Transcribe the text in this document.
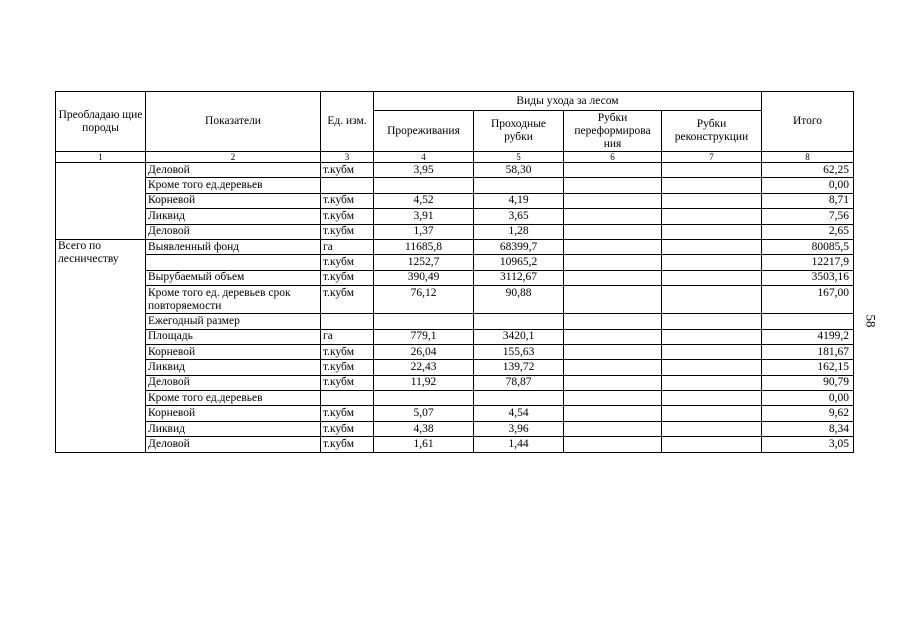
Преобладаю щие породы	Показатели	Ед. изм.	Виды ухода за лесом				Итого
			Прореживания	Проходные рубки	Рубки переформирова ния	Рубки реконструкции	
1	2	3	4	5	6	7	8
	Деловой	т.кубм	3,95	58,30			62,25
	Кроме того ед.деревьев						0,00
	Корневой	т.кубм	4,52	4,19			8,71
	Ликвид	т.кубм	3,91	3,65			7,56
	Деловой	т.кубм	1,37	1,28			2,65
Всего по лесничеству	Выявленный фонд	га	11685,8	68399,7			80085,5
		т.кубм	1252,7	10965,2			12217,9
	Вырубаемый объем	т.кубм	390,49	3112,67			3503,16
	Кроме того ед. деревьев срок повторяемости	т.кубм	76,12	90,88			167,00
	Ежегодный размер						
	Площадь	га	779,1	3420,1			4199,2
	Корневой	т.кубм	26,04	155,63			181,67
	Ликвид	т.кубм	22,43	139,72			162,15
	Деловой	т.кубм	11,92	78,87			90,79
	Кроме того ед.деревьев						0,00
	Корневой	т.кубм	5,07	4,54			9,62
	Ликвид	т.кубм	4,38	3,96			8,34
	Деловой	т.кубм	1,61	1,44			3,05
58
